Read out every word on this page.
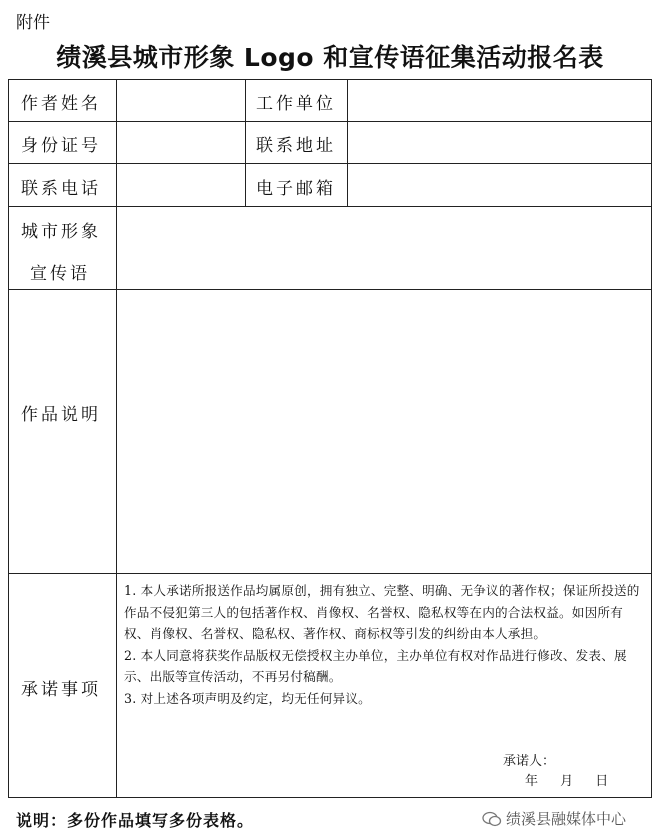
附件
绩溪县城市形象 Logo 和宣传语征集活动报名表
作者姓名	工作单位
身份证号	联系地址
联系电话	电子邮箱
城市形象
宣传语
作品说明
承诺事项

1. 本人承诺所报送作品均属原创，拥有独立、完整、明确、无争议的著作权；保证所投送的作品不侵犯第三人的包括著作权、肖像权、名誉权、隐私权等在内的合法权益。如因所有权、肖像权、名誉权、隐私权、著作权、商标权等引发的纠纷由本人承担。

2. 本人同意将获奖作品版权无偿授权主办单位，主办单位有权对作品进行修改、发表、展示、出版等宣传活动，不再另付稿酬。

3. 对上述各项声明及约定，均无任何异议。

承诺人：
年 月 日
说明：多份作品填写多份表格。	绩溪县融媒体中心
